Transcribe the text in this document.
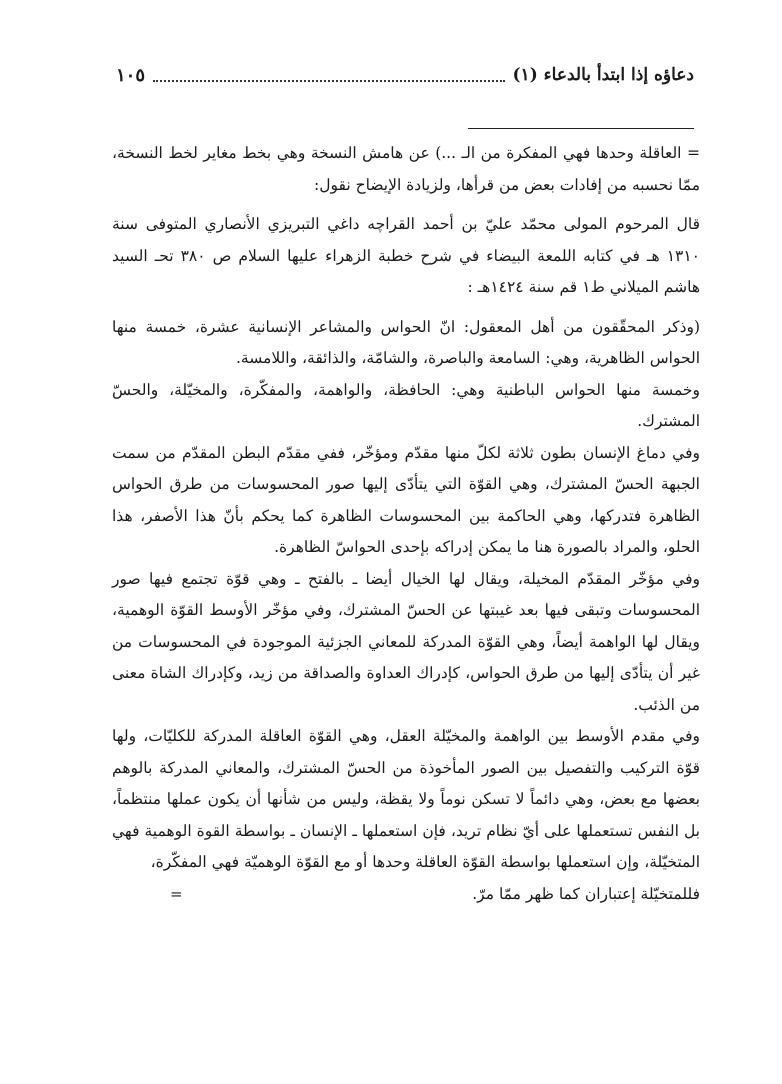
دعاؤه إذا ابتدأ بالدعاء (١)
١٠٥

= العاقلة وحدها فهي المفكرة من الـ ...) عن هامش النسخة وهي بخط مغاير لخط النسخة، ممّا نحسبه من إفادات بعض من قرأها، ولزيادة الإيضاح نقول:

قال المرحوم المولى محمّد عليّ بن أحمد القراچه داغي التبريزي الأنصاري المتوفى سنة ١٣١٠ هـ في كتابه اللمعة البيضاء في شرح خطبة الزهراء عليها السلام ص ٣٨٠ تحـ السيد هاشم الميلاني ط١ قم سنة ١٤٢٤هـ :

(وذكر المحقّقون من أهل المعقول: انّ الحواس والمشاعر الإنسانية عشرة، خمسة منها الحواس الظاهرية، وهي: السامعة والباصرة، والشامّة، والذائقة، واللامسة.

وخمسة منها الحواس الباطنية وهي: الحافظة، والواهمة، والمفكّرة، والمخيّلة، والحسّ المشترك.

وفي دماغ الإنسان بطون ثلاثة لكلّ منها مقدّم ومؤخّر، ففي مقدّم البطن المقدّم من سمت الجبهة الحسّ المشترك، وهي القوّة التي يتأدّى إليها صور المحسوسات من طرق الحواس الظاهرة فتدركها، وهي الحاكمة بين المحسوسات الظاهرة كما يحكم بأنّ هذا الأصفر، هذا الحلو، والمراد بالصورة هنا ما يمكن إدراكه بإحدى الحواسّ الظاهرة.

وفي مؤخّر المقدّم المخيلة، ويقال لها الخيال أيضا ـ بالفتح ـ وهي قوّة تجتمع فيها صور المحسوسات وتبقى فيها بعد غيبتها عن الحسّ المشترك، وفي مؤخّر الأوسط القوّة الوهمية، ويقال لها الواهمة أيضاً، وهي القوّة المدركة للمعاني الجزئية الموجودة في المحسوسات من غير أن يتأدّى إليها من طرق الحواس، كإدراك العداوة والصداقة من زيد، وكإدراك الشاة معنى من الذئب.

وفي مقدم الأوسط بين الواهمة والمخيّلة العقل، وهي القوّة العاقلة المدركة للكليّات، ولها قوّة التركيب والتفصيل بين الصور المأخوذة من الحسّ المشترك، والمعاني المدركة بالوهم بعضها مع بعض، وهي دائماً لا تسكن نوماً ولا يقظة، وليس من شأنها أن يكون عملها منتظماً، بل النفس تستعملها على أيّ نظام تريد، فإن استعملها ـ الإنسان ـ بواسطة القوة الوهمية فهي المتخيّلة، وإن استعملها بواسطة القوّة العاقلة وحدها أو مع القوّة الوهميّة فهي المفكّرة،

فللمتخيّلة إعتباران كما ظهر ممّا مرّ.
=
